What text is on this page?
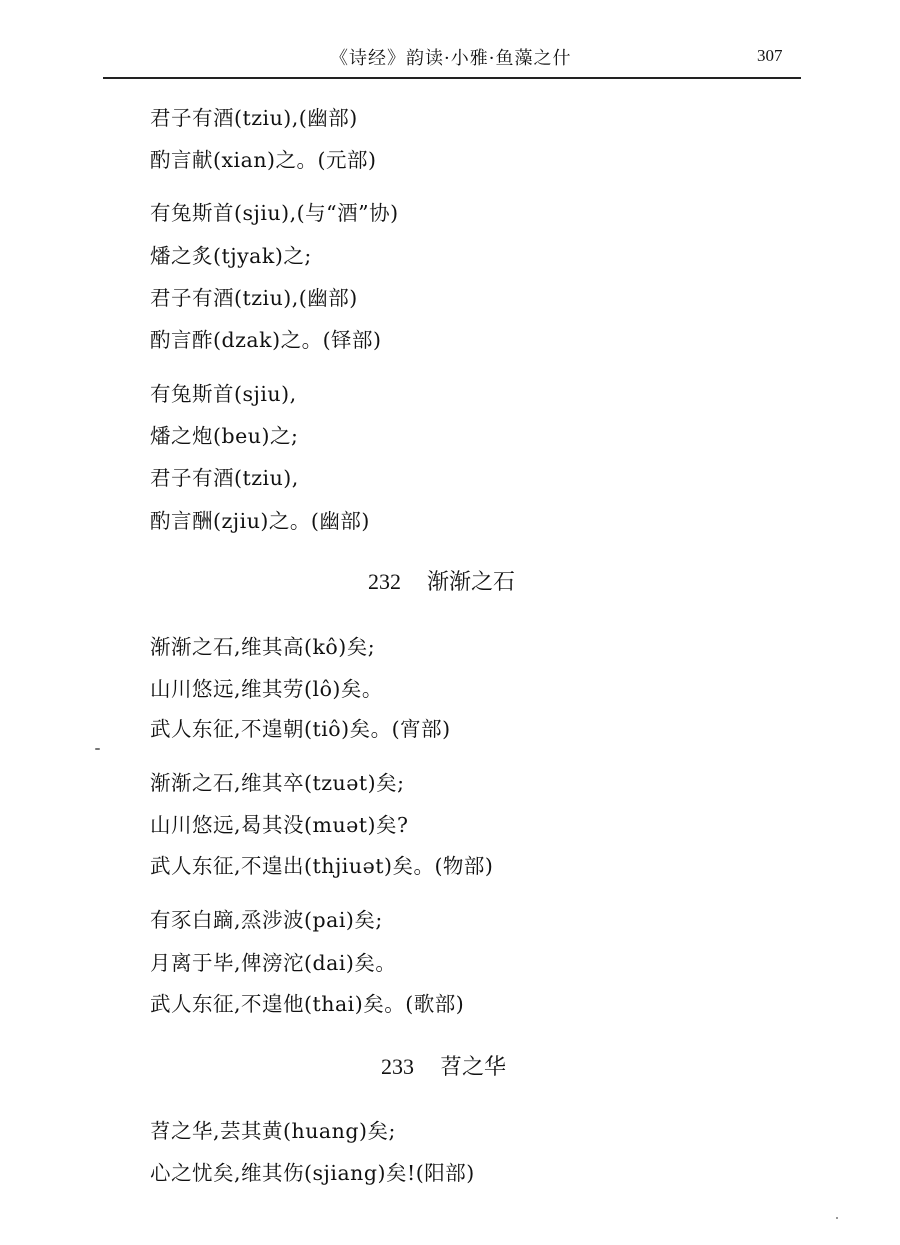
《诗经》韵读·小雅·鱼藻之什	307
君子有酒(tziu),(幽部)
酌言献(xian)之。(元部)
有兔斯首(sjiu),(与“酒”协)
燔之炙(tjyak)之;
君子有酒(tziu),(幽部)
酌言酢(dzak)之。(铎部)
有兔斯首(sjiu),
燔之炮(beu)之;
君子有酒(tziu),
酌言酬(zjiu)之。(幽部)
232 渐渐之石
渐渐之石,维其高(kô)矣;
山川悠远,维其劳(lô)矣。
武人东征,不遑朝(tiô)矣。(宵部)
渐渐之石,维其卒(tzuət)矣;
山川悠远,曷其没(muət)矣?
武人东征,不遑出(thjiuət)矣。(物部)
有豕白蹢,烝涉波(pai)矣;
月离于毕,俾滂沱(dai)矣。
武人东征,不遑他(thai)矣。(歌部)
233 苕之华
苕之华,芸其黄(huang)矣;
心之忧矣,维其伤(sjiang)矣!(阳部)
